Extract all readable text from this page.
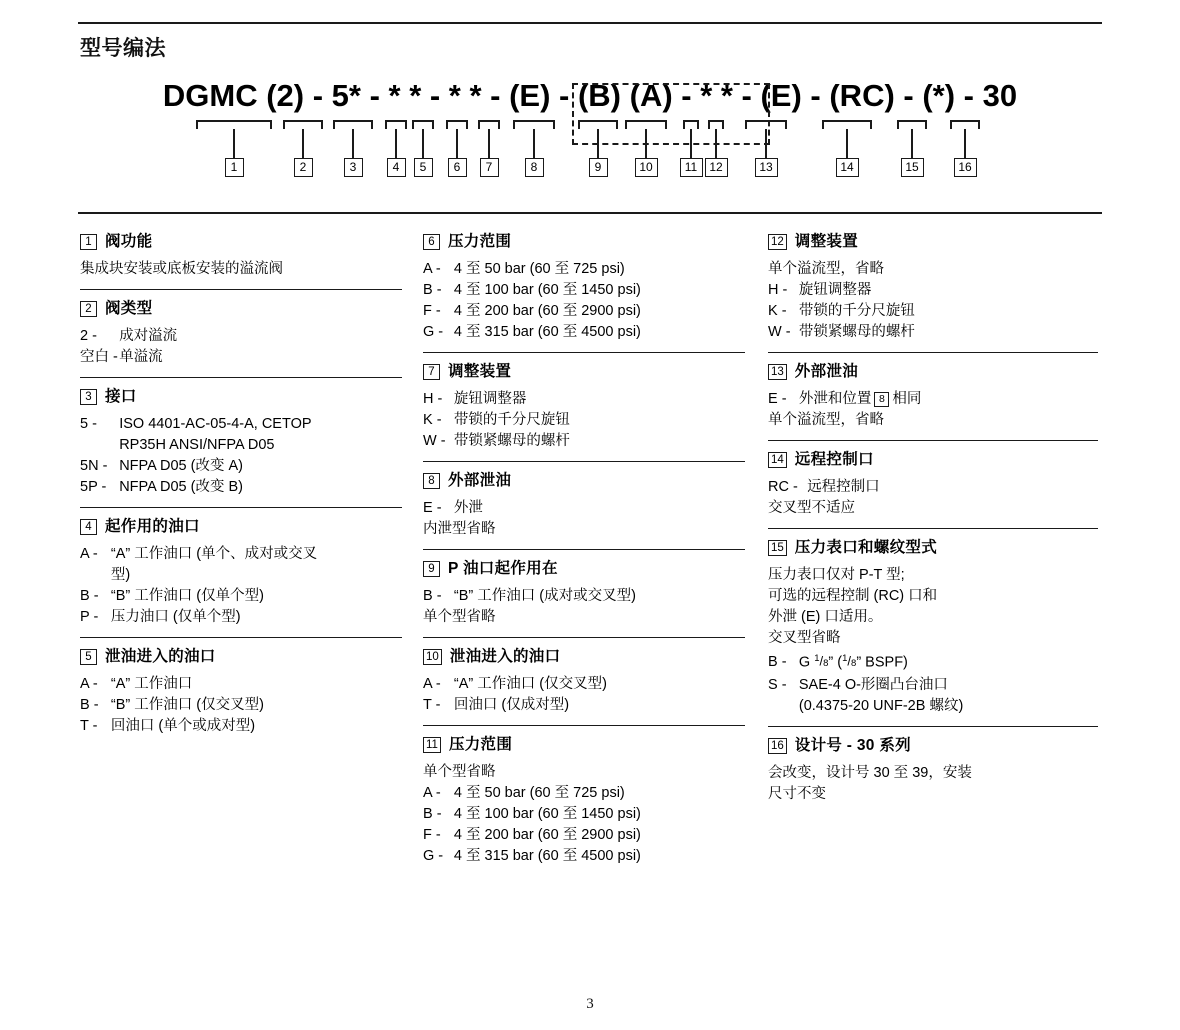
型号编法
DGMC (2) - 5* - * * - * * - (E) - (B) (A) - * * - (E) - (RC) - (*) - 30
1	2	3	4	5	6	7	8	9	10	11	12	13	14	15	16
1 阀功能
集成块安装或底板安装的溢流阀
2 阀类型
2 -	成对溢流
空白 - 单溢流
3 接口
5 -	ISO 4401-AC-05-4-A, CETOP
RP35H ANSI/NFPA D05
5N - NFPA D05 (改变 A)
5P - NFPA D05 (改变 B)
4 起作用的油口
A - “A” 工作油口 (单个、成对或交叉
型)
B - “B” 工作油口 (仅单个型)
P - 压力油口 (仅单个型)
5 泄油进入的油口
A - “A” 工作油口
B - “B” 工作油口 (仅交叉型)
T - 回油口 (单个或成对型)
6 压力范围
A - 4 至 50 bar (60 至 725 psi)
B - 4 至 100 bar (60 至 1450 psi)
F - 4 至 200 bar (60 至 2900 psi)
G - 4 至 315 bar (60 至 4500 psi)
7 调整装置
H - 旋钮调整器
K - 带锁的千分尺旋钮
W - 带锁紧螺母的螺杆
8 外部泄油
E - 外泄
内泄型省略
9 P 油口起作用在
B - “B” 工作油口 (成对或交叉型)
单个型省略
10 泄油进入的油口
A - “A” 工作油口 (仅交叉型)
T - 回油口 (仅成对型)
11 压力范围
单个型省略
A - 4 至 50 bar (60 至 725 psi)
B - 4 至 100 bar (60 至 1450 psi)
F - 4 至 200 bar (60 至 2900 psi)
G - 4 至 315 bar (60 至 4500 psi)
12 调整装置
单个溢流型，省略
H - 旋钮调整器
K - 带锁的千分尺旋钮
W - 带锁紧螺母的螺杆
13 外部泄油
E - 外泄和位置 8 相同
单个溢流型，省略
14 远程控制口
RC - 远程控制口
交叉型不适应
15 压力表口和螺纹型式
压力表口仅对 P-T 型;
可选的远程控制 (RC) 口和
外泄 (E) 口适用。
交叉型省略
B - G $^1/_8$” ($^1/_8$” BSPF)
S - SAE-4 O-形圈凸台油口
(0.4375-20 UNF-2B 螺纹)
16 设计号 - 30 系列
会改变，设计号 30 至 39，安装
尺寸不变
3
